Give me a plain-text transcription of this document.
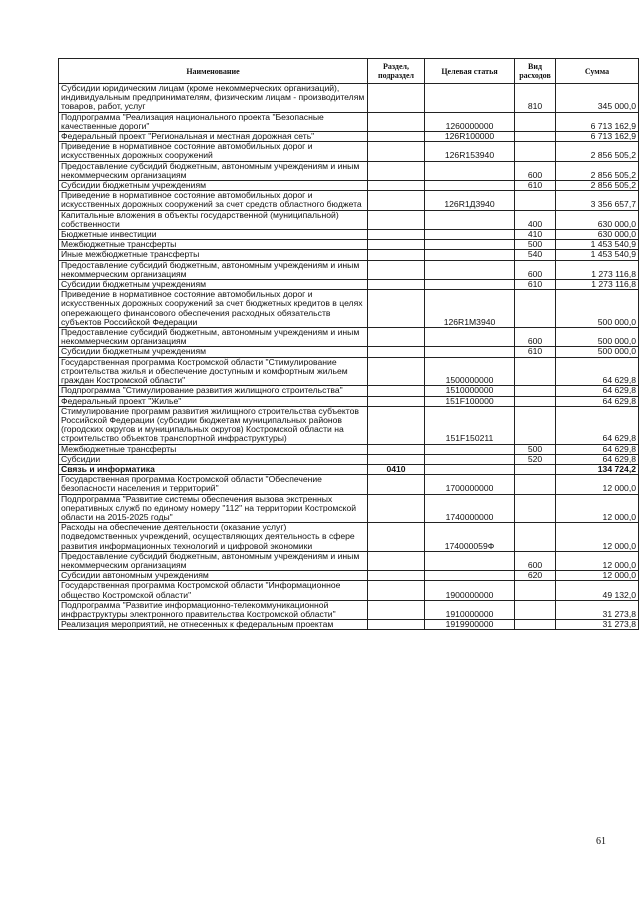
Наименование	Раздел, подраздел	Целевая статья	Вид расходов	Сумма
Субсидии юридическим лицам (кроме некоммерческих организаций), индивидуальным предпринимателям, физическим лицам - производителям товаров, работ, услуг			810	345 000,0
Подпрограмма "Реализация национального проекта "Безопасные качественные дороги"		1260000000		6 713 162,9
Федеральный проект "Региональная и местная дорожная сеть"		126R100000		6 713 162,9
Приведение в нормативное состояние автомобильных дорог и искусственных дорожных сооружений		126R153940		2 856 505,2
Предоставление субсидий бюджетным, автономным учреждениям и иным некоммерческим организациям			600	2 856 505,2
Субсидии бюджетным учреждениям			610	2 856 505,2
Приведение в нормативное состояние автомобильных дорог и искусственных дорожных сооружений за счет средств областного бюджета		126R1Д3940		3 356 657,7
Капитальные вложения в объекты государственной (муниципальной) собственности			400	630 000,0
Бюджетные инвестиции			410	630 000,0
Межбюджетные трансферты			500	1 453 540,9
Иные межбюджетные трансферты			540	1 453 540,9
Предоставление субсидий бюджетным, автономным учреждениям и иным некоммерческим организациям			600	1 273 116,8
Субсидии бюджетным учреждениям			610	1 273 116,8
Приведение в нормативное состояние автомобильных дорог и искусственных дорожных сооружений за счет бюджетных кредитов в целях опережающего финансового обеспечения расходных обязательств субъектов Российской Федерации		126R1M3940		500 000,0
Предоставление субсидий бюджетным, автономным учреждениям и иным некоммерческим организациям			600	500 000,0
Субсидии бюджетным учреждениям			610	500 000,0
Государственная программа Костромской области "Стимулирование строительства жилья и обеспечение доступным и комфортным жильем граждан Костромской области"		1500000000		64 629,8
Подпрограмма "Стимулирование развития жилищного строительства"		1510000000		64 629,8
Федеральный проект "Жилье"		151F100000		64 629,8
Стимулирование программ развития жилищного строительства субъектов Российской Федерации (субсидии бюджетам муниципальных районов (городских округов и муниципальных округов) Костромской области на строительство объектов транспортной инфраструктуры)		151F150211		64 629,8
Межбюджетные трансферты			500	64 629,8
Субсидии			520	64 629,8
Связь и информатика	0410			134 724,2
Государственная программа Костромской области "Обеспечение безопасности населения и территорий"		1700000000		12 000,0
Подпрограмма "Развитие системы обеспечения вызова экстренных оперативных служб по единому номеру "112" на территории Костромской области на 2015-2025 годы"		1740000000		12 000,0
Расходы на обеспечение деятельности (оказание услуг) подведомственных учреждений, осуществляющих деятельность в сфере развития информационных технологий и цифровой экономики		174000059Ф		12 000,0
Предоставление субсидий бюджетным, автономным учреждениям и иным некоммерческим организациям			600	12 000,0
Субсидии автономным учреждениям			620	12 000,0
Государственная программа Костромской области "Информационное общество Костромской области"		1900000000		49 132,0
Подпрограмма "Развитие информационно-телекоммуникационной инфраструктуры электронного правительства Костромской области"		1910000000		31 273,8
Реализация мероприятий, не отнесенных к федеральным проектам		1919900000		31 273,8
61
